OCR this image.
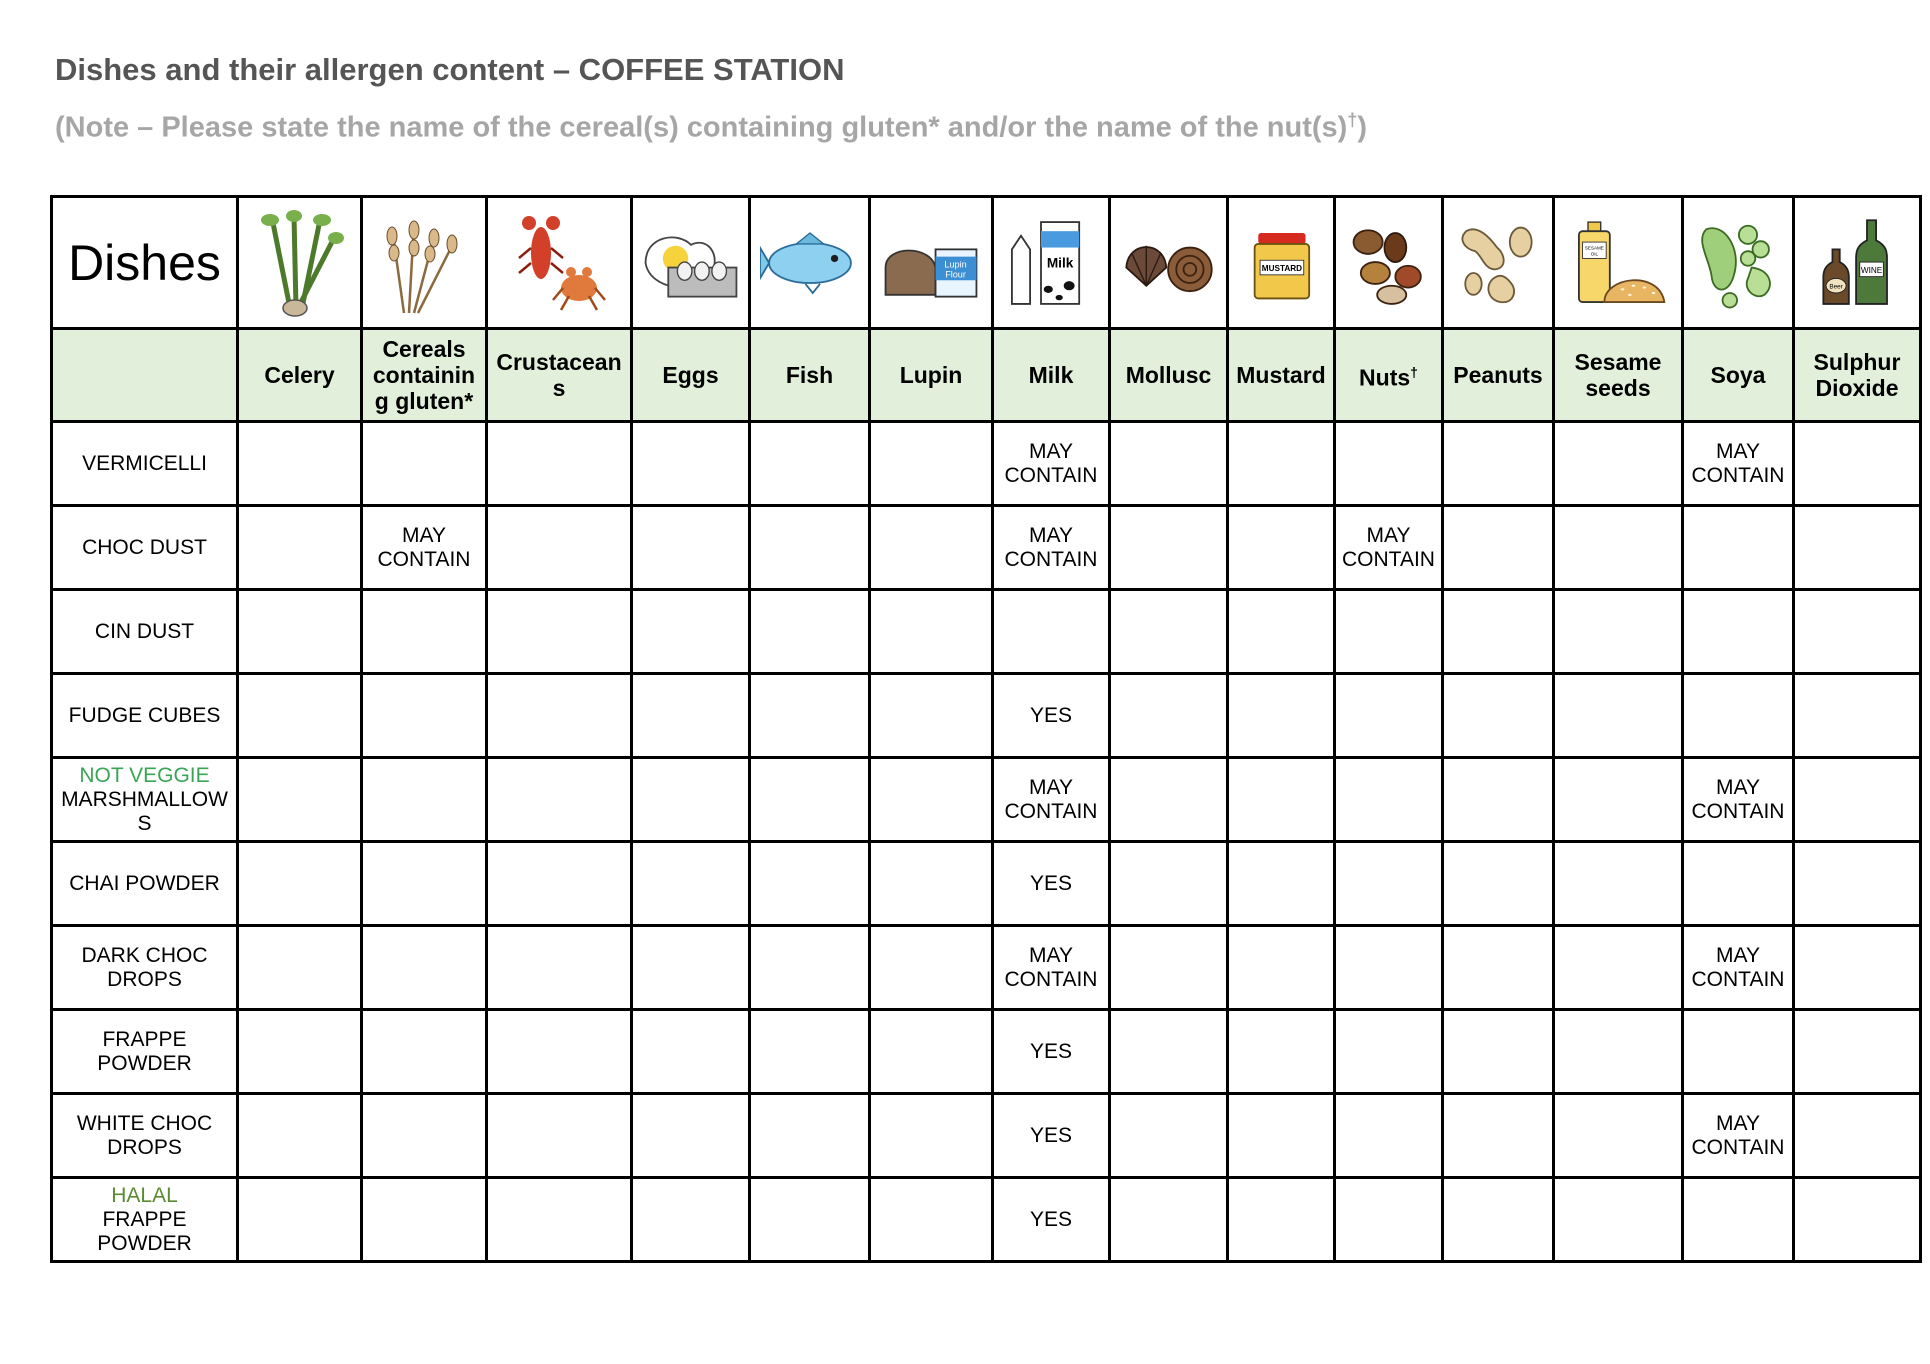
Dishes and their allergen content – COFFEE STATION
(Note – Please state the name of the cereal(s) containing gluten* and/or the name of the nut(s)†)
Dishes						Lupin
Flour	Milk		MUSTARD			SESAME
OIL		WINE
Beer

	Celery	Cereals containin g gluten*	Crustacean s	Eggs	Fish	Lupin	Milk	Mollusc	Mustard	Nuts†	Peanuts	Sesame seeds	Soya	Sulphur Dioxide

VERMICELLI							MAY CONTAIN						MAY CONTAIN	

CHOC DUST		MAY CONTAIN					MAY CONTAIN			MAY CONTAIN				

CIN DUST														

FUDGE CUBES							YES							

NOT VEGGIE
MARSHMALLOW S							MAY CONTAIN						MAY CONTAIN	

CHAI POWDER							YES							

DARK CHOC DROPS							MAY CONTAIN						MAY CONTAIN	

FRAPPE POWDER							YES							

WHITE CHOC DROPS							YES						MAY CONTAIN	

HALAL
FRAPPE POWDER							YES							
